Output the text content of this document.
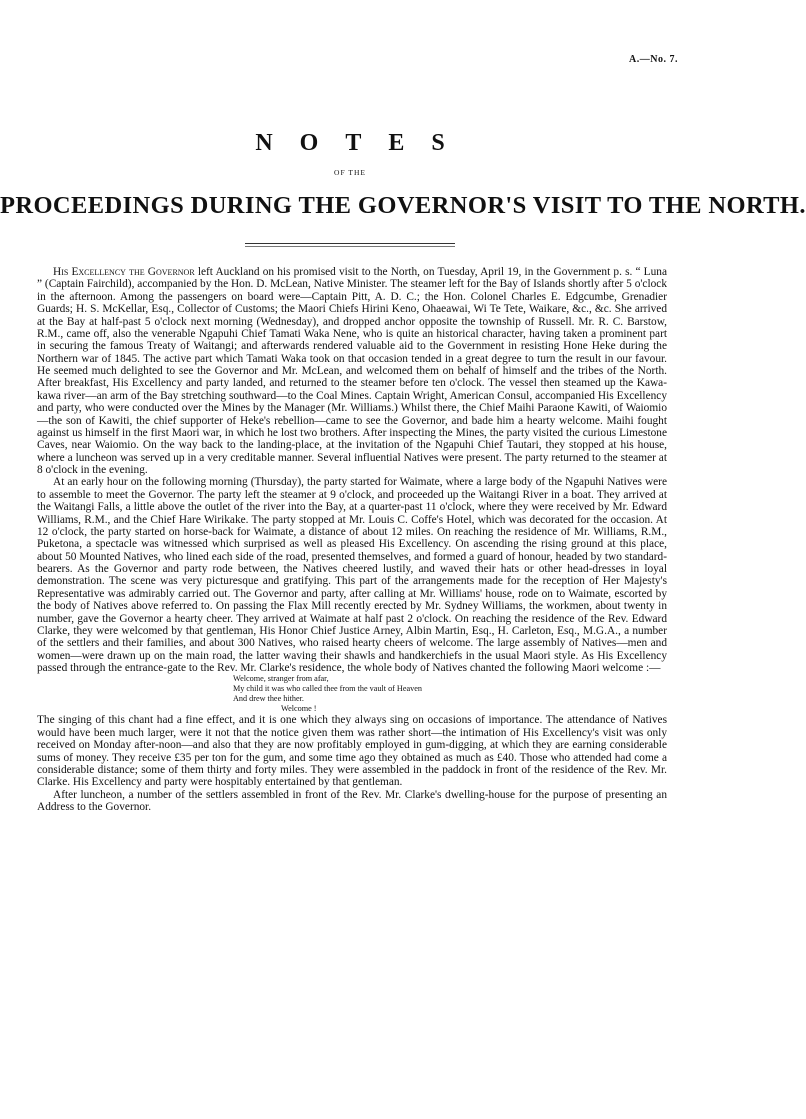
A.—No. 7.
NOTES
OF THE
PROCEEDINGS DURING THE GOVERNOR'S VISIT TO THE NORTH.

His Excellency the Governor left Auckland on his promised visit to the North, on Tuesday, April 19, in the Government p. s. “ Luna ” (Captain Fairchild), accompanied by the Hon. D. McLean, Native Minister. The steamer left for the Bay of Islands shortly after 5 o'clock in the afternoon. Among the passengers on board were—Captain Pitt, A. D. C.; the Hon. Colonel Charles E. Edgcumbe, Grenadier Guards; H. S. McKellar, Esq., Collector of Customs; the Maori Chiefs Hirini Keno, Ohaeawai, Wi Te Tete, Waikare, &c., &c. She arrived at the Bay at half-past 5 o'clock next morning (Wednesday), and dropped anchor opposite the township of Russell. Mr. R. C. Barstow, R.M., came off, also the venerable Ngapuhi Chief Tamati Waka Nene, who is quite an historical character, having taken a prominent part in securing the famous Treaty of Waitangi; and afterwards rendered valuable aid to the Government in resisting Hone Heke during the Northern war of 1845. The active part which Tamati Waka took on that occasion tended in a great degree to turn the result in our favour. He seemed much delighted to see the Governor and Mr. McLean, and welcomed them on behalf of himself and the tribes of the North. After breakfast, His Excellency and party landed, and returned to the steamer before ten o'clock. The vessel then steamed up the Kawa-kawa river—an arm of the Bay stretching southward—to the Coal Mines. Captain Wright, American Consul, accompanied His Excellency and party, who were conducted over the Mines by the Manager (Mr. Williams.) Whilst there, the Chief Maihi Paraone Kawiti, of Waiomio—the son of Kawiti, the chief supporter of Heke's rebellion—came to see the Governor, and bade him a hearty welcome. Maihi fought against us himself in the first Maori war, in which he lost two brothers. After inspecting the Mines, the party visited the curious Limestone Caves, near Waiomio. On the way back to the landing-place, at the invitation of the Ngapuhi Chief Tautari, they stopped at his house, where a luncheon was served up in a very creditable manner. Several influential Natives were present. The party returned to the steamer at 8 o'clock in the evening.

At an early hour on the following morning (Thursday), the party started for Waimate, where a large body of the Ngapuhi Natives were to assemble to meet the Governor. The party left the steamer at 9 o'clock, and proceeded up the Waitangi River in a boat. They arrived at the Waitangi Falls, a little above the outlet of the river into the Bay, at a quarter-past 11 o'clock, where they were received by Mr. Edward Williams, R.M., and the Chief Hare Wirikake. The party stopped at Mr. Louis C. Coffe's Hotel, which was decorated for the occasion. At 12 o'clock, the party started on horse-back for Waimate, a distance of about 12 miles. On reaching the residence of Mr. Williams, R.M., Puketona, a spectacle was witnessed which surprised as well as pleased His Excellency. On ascending the rising ground at this place, about 50 Mounted Natives, who lined each side of the road, presented themselves, and formed a guard of honour, headed by two standard-bearers. As the Governor and party rode between, the Natives cheered lustily, and waved their hats or other head-dresses in loyal demonstration. The scene was very picturesque and gratifying. This part of the arrangements made for the reception of Her Majesty's Representative was admirably carried out. The Governor and party, after calling at Mr. Williams' house, rode on to Waimate, escorted by the body of Natives above referred to. On passing the Flax Mill recently erected by Mr. Sydney Williams, the workmen, about twenty in number, gave the Governor a hearty cheer. They arrived at Waimate at half past 2 o'clock. On reaching the residence of the Rev. Edward Clarke, they were welcomed by that gentleman, His Honor Chief Justice Arney, Albin Martin, Esq., H. Carleton, Esq., M.G.A., a number of the settlers and their families, and about 300 Natives, who raised hearty cheers of welcome. The large assembly of Natives—men and women—were drawn up on the main road, the latter waving their shawls and handkerchiefs in the usual Maori style. As His Excellency passed through the entrance-gate to the Rev. Mr. Clarke's residence, the whole body of Natives chanted the following Maori welcome :—

Welcome, stranger from afar,
My child it was who called thee from the vault of Heaven
And drew thee hither.
Welcome !

The singing of this chant had a fine effect, and it is one which they always sing on occasions of importance. The attendance of Natives would have been much larger, were it not that the notice given them was rather short—the intimation of His Excellency's visit was only received on Monday after-noon—and also that they are now profitably employed in gum-digging, at which they are earning considerable sums of money. They receive £35 per ton for the gum, and some time ago they obtained as much as £40. Those who attended had come a considerable distance; some of them thirty and forty miles. They were assembled in the paddock in front of the residence of the Rev. Mr. Clarke. His Excellency and party were hospitably entertained by that gentleman.

After luncheon, a number of the settlers assembled in front of the Rev. Mr. Clarke's dwelling-house for the purpose of presenting an Address to the Governor.
